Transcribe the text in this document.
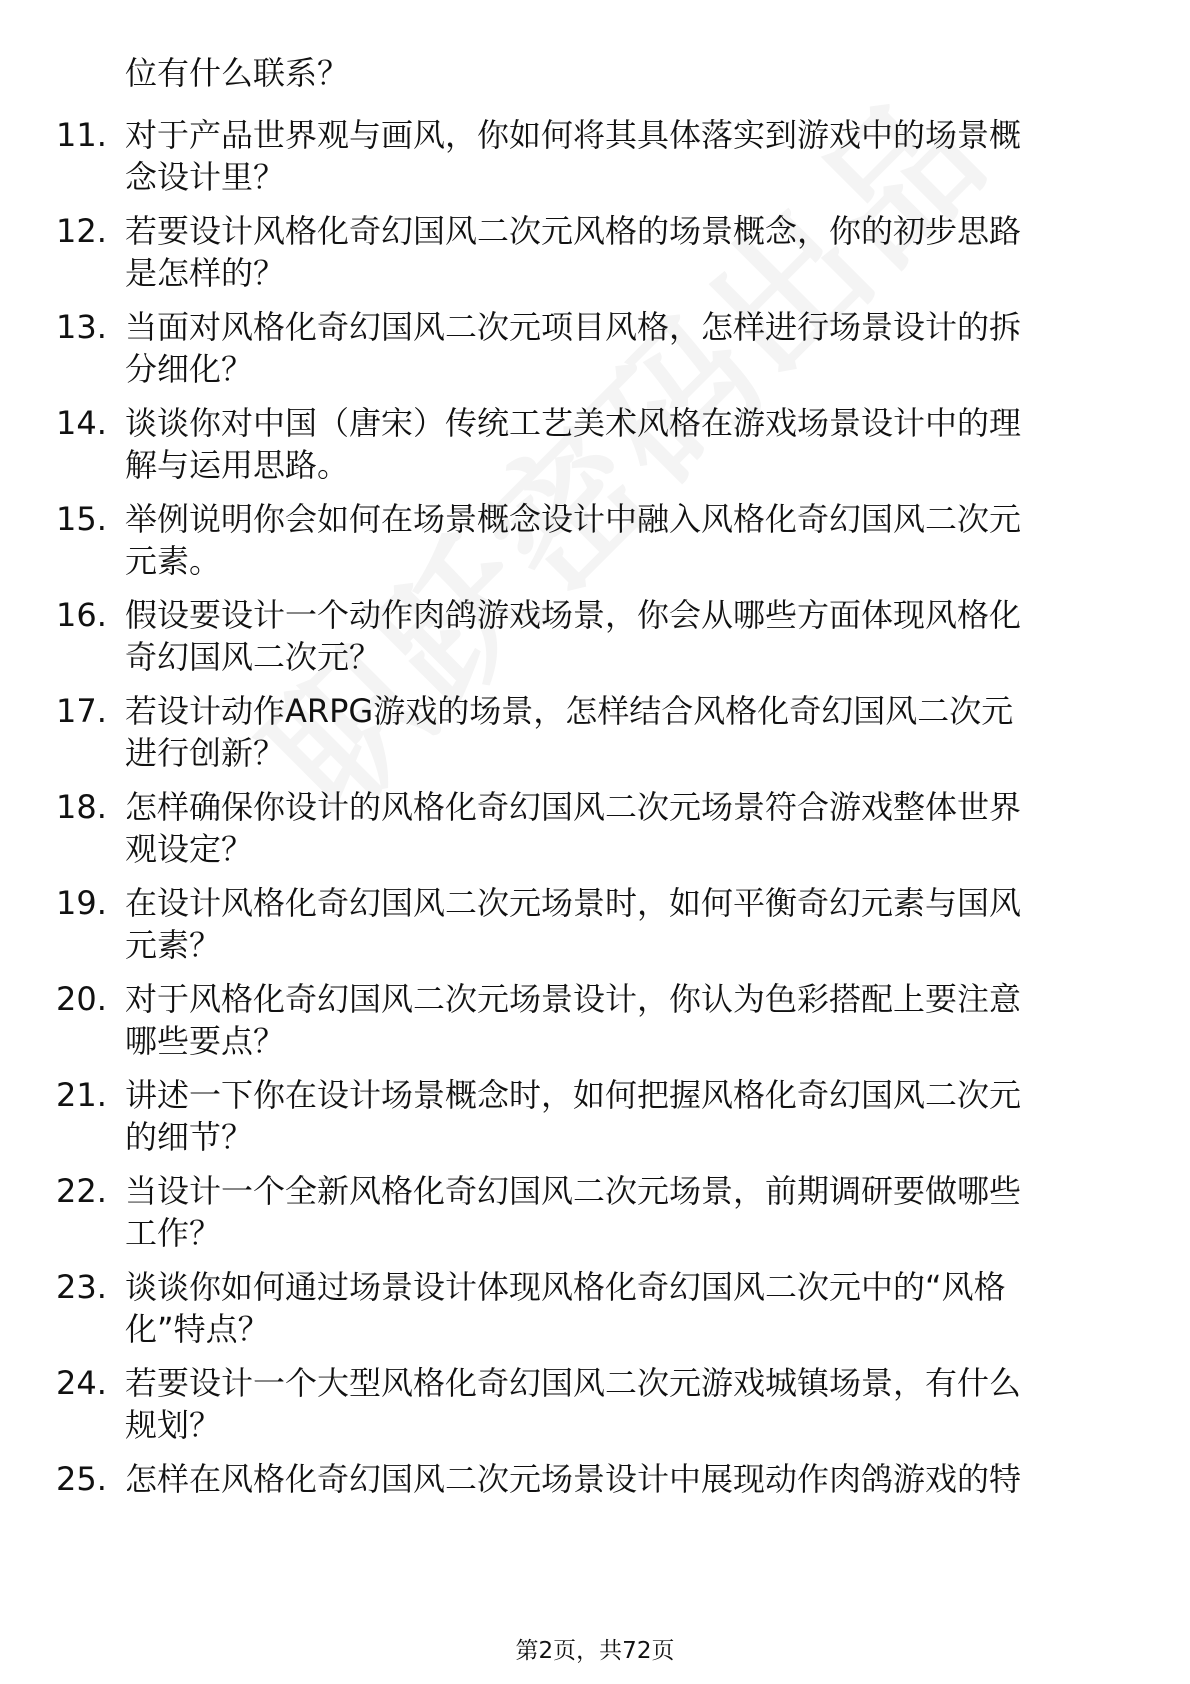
位有什么联系？
11. 对于产品世界观与画风，你如何将其具体落实到游戏中的场景概
念设计里？
12. 若要设计风格化奇幻国风二次元风格的场景概念，你的初步思路
是怎样的？
13. 当面对风格化奇幻国风二次元项目风格，怎样进行场景设计的拆
分细化？
14. 谈谈你对中国（唐宋）传统工艺美术风格在游戏场景设计中的理
解与运用思路。
15. 举例说明你会如何在场景概念设计中融入风格化奇幻国风二次元
元素。
16. 假设要设计一个动作肉鸽游戏场景，你会从哪些方面体现风格化
奇幻国风二次元？
17. 若设计动作ARPG游戏的场景，怎样结合风格化奇幻国风二次元
进行创新？
18. 怎样确保你设计的风格化奇幻国风二次元场景符合游戏整体世界
观设定？
19. 在设计风格化奇幻国风二次元场景时，如何平衡奇幻元素与国风
元素？
20. 对于风格化奇幻国风二次元场景设计，你认为色彩搭配上要注意
哪些要点？
21. 讲述一下你在设计场景概念时，如何把握风格化奇幻国风二次元
的细节？
22. 当设计一个全新风格化奇幻国风二次元场景，前期调研要做哪些
工作？
23. 谈谈你如何通过场景设计体现风格化奇幻国风二次元中的“风格
化”特点？
24. 若要设计一个大型风格化奇幻国风二次元游戏城镇场景，有什么
规划？
25. 怎样在风格化奇幻国风二次元场景设计中展现动作肉鸽游戏的特
第2页，共72页
